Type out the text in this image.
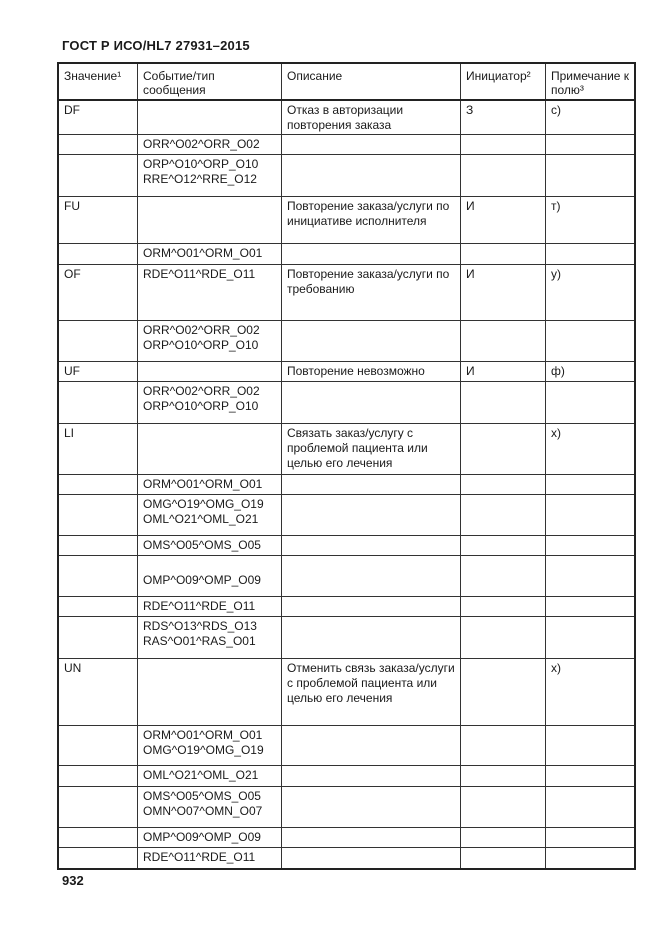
ГОСТ Р ИСО/HL7 27931–2015
Значение¹	Событие/тип сообщения	Описание	Инициатор²	Примечание к полю³
DF		Отказ в авторизации повторения заказа	З	с)

	ORR^O02^ORR_O02			

	ORP^O10^ORP_O10
RRE^O12^RRE_O12			

FU		Повторение заказа/услуги по инициативе исполнителя	И	т)

	ORM^O01^ORM_O01			

OF	RDE^O11^RDE_O11	Повторение заказа/услуги по требованию	И	у)

	ORR^O02^ORR_O02
ORP^O10^ORP_O10			

UF		Повторение невозможно	И	ф)

	ORR^O02^ORR_O02
ORP^O10^ORP_O10			

LI		Связать заказ/услугу с проблемой пациента или целью его лечения		х)

	ORM^O01^ORM_O01			

	OMG^O19^OMG_O19
OML^O21^OML_O21			

	OMS^O05^OMS_O05			

	OMP^O09^OMP_O09			

	RDE^O11^RDE_O11			

	RDS^O13^RDS_O13
RAS^O01^RAS_O01			

UN		Отменить связь заказа/услуги с проблемой пациента или целью его лечения		х)

	ORM^O01^ORM_O01
OMG^O19^OMG_O19			

	OML^O21^OML_O21			

	OMS^O05^OMS_O05
OMN^O07^OMN_O07			

	OMP^O09^OMP_O09			

	RDE^O11^RDE_O11			

932
